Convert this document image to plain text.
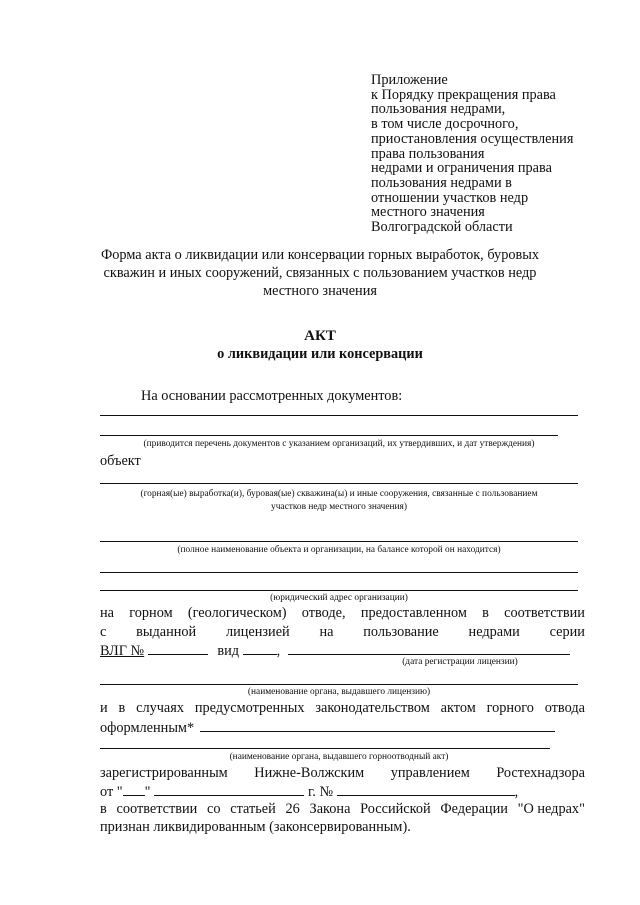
Приложение
к Порядку прекращения права
пользования недрами,
в том числе досрочного,
приостановления осуществления
права пользования
недрами и ограничения права
пользования недрами в
отношении участков недр
местного значения
Волгоградской области
Форма акта о ликвидации или консервации горных выработок, буровых
скважин и иных сооружений, связанных с пользованием участков недр
местного значения
АКТ
о ликвидации или консервации
На основании рассмотренных документов:
(приводится перечень документов с указанием организаций, их утвердивших, и дат утверждения)
объект
(горная(ые) выработка(и), буровая(ые) скважина(ы) и иные сооружения, связанные с пользованием
участков недр местного значения)
(полное наименование объекта и организации, на балансе которой он находится)
(юридический адрес организации)
на горном (геологическом) отводе, предоставленном в соответствии
с выданной лицензией на пользование недрами серии
ВЛГ №	вид	,
(дата регистрации лицензии)
(наименование органа, выдавшего лицензию)
и в случаях предусмотренных законодательством актом горного отвода
оформленным*
(наименование органа, выдавшего горноотводный акт)
зарегистрированным Нижне-Волжским управлением Ростехнадзора
от " "	г. №	,
в соответствии со статьей 26 Закона Российской Федерации "О недрах"
признан ликвидированным (законсервированным).
